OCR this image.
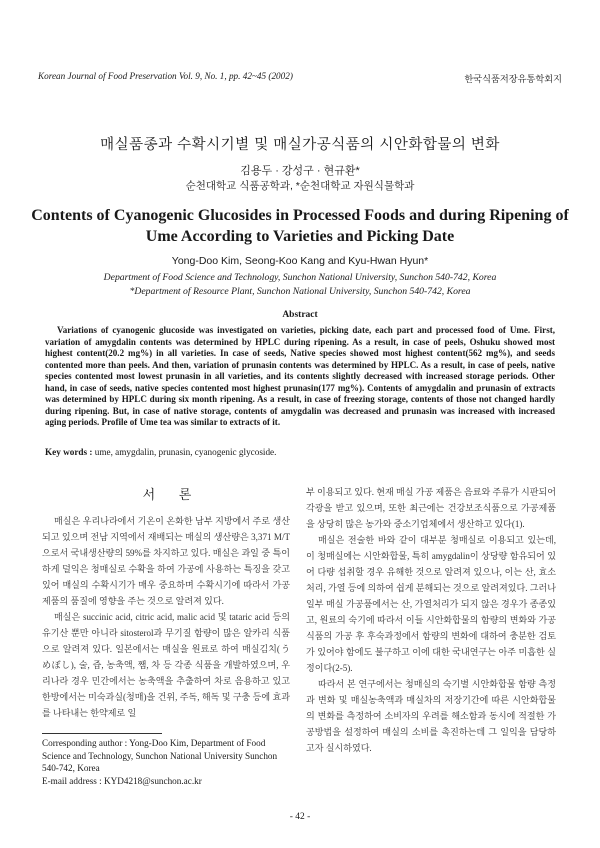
Korean Journal of Food Preservation Vol. 9, No. 1, pp. 42~45 (2002)	한국식품저장유통학회지
매실품종과 수확시기별 및 매실가공식품의 시안화합물의 변화
김용두 · 강성구 · 현규환*
순천대학교 식품공학과, *순천대학교 자원식물학과
Contents of Cyanogenic Glucosides in Processed Foods and during Ripening of Ume According to Varieties and Picking Date
Yong-Doo Kim, Seong-Koo Kang and Kyu-Hwan Hyun*
Department of Food Science and Technology, Sunchon National University, Sunchon 540-742, Korea
*Department of Resource Plant, Sunchon National University, Sunchon 540-742, Korea
Abstract
Variations of cyanogenic glucoside was investigated on varieties, picking date, each part and processed food of Ume. First, variation of amygdalin contents was determined by HPLC during ripening. As a result, in case of peels, Oshuku showed most highest content(20.2 mg%) in all varieties. In case of seeds, Native species showed most highest content(562 mg%), and seeds contented more than peels. And then, variation of prunasin contents was determined by HPLC. As a result, in case of peels, native species contented most lowest prunasin in all varieties, and its contents slightly decreased with increased storage periods. Other hand, in case of seeds, native species contented most highest prunasin(177 mg%). Contents of amygdalin and prunasin of extracts was determined by HPLC during six month ripening. As a result, in case of freezing storage, contents of those not changed hardly during ripening. But, in case of native storage, contents of amygdalin was decreased and prunasin was increased with increased aging periods. Profile of Ume tea was similar to extracts of it.
Key words : ume, amygdalin, prunasin, cyanogenic glycoside.
서 론

매실은 우리나라에서 기온이 온화한 남부 지방에서 주로 생산되고 있으며 전남 지역에서 재배되는 매실의 생산량은 3,371 M/T으로서 국내생산량의 59%를 차지하고 있다. 매실은 과일 중 특이하게 덜익은 청매실로 수확을 하여 가공에 사용하는 특징을 갖고 있어 매실의 수확시기가 매우 중요하며 수확시기에 따라서 가공제품의 품질에 영향을 주는 것으로 알려져 있다.

매실은 succinic acid, citric acid, malic acid 및 tataric acid 등의 유기산 뿐만 아니라 sitosterol과 무기질 함량이 많은 알카리 식품으로 알려져 있다. 일본에서는 매실을 원료로 하여 매실김치(うめぼし), 술, 즙, 농축액, 쨈, 차 등 각종 식품을 개발하였으며, 우리나라 경우 민간에서는 농축액을 추출하여 차로 음용하고 있고 한방에서는 미숙과실(청매)을 건위, 주독, 해독 및 구충 등에 효과를 나타내는 한약제로 일

부 이용되고 있다. 현재 매실 가공 제품은 음료와 주류가 시판되어 각광을 받고 있으며, 또한 최근에는 건강보조식품으로 가공제품을 상당히 많은 농가와 중소기업체에서 생산하고 있다(1).

매실은 전술한 바와 같이 대부분 청매실로 이용되고 있는데, 이 청매실에는 시안화합물, 특히 amygdalin이 상당량 함유되어 있어 다량 섭취할 경우 유해한 것으로 알려져 있으나, 이는 산, 효소처리, 가열 등에 의하여 쉽게 분해되는 것으로 알려져있다. 그러나 일부 매실 가공품에서는 산, 가열처리가 되지 않은 경우가 종종있고, 원료의 숙기에 따라서 이들 시안화합물의 함량의 변화와 가공식품의 가공 후 후숙과정에서 함량의 변화에 대하여 충분한 검토가 있어야 함에도 불구하고 이에 대한 국내연구는 아주 미흡한 실정이다(2-5).

따라서 본 연구에서는 청매실의 숙기별 시안화합물 함량 측정과 변화 및 매실농축액과 매실차의 저장기간에 따른 시안화합물의 변화를 측정하여 소비자의 우려를 해소함과 동시에 적절한 가공방법을 설정하여 매실의 소비를 촉진하는데 그 일익을 담당하고자 실시하였다.

Corresponding author : Yong-Doo Kim, Department of Food
Science and Technology, Sunchon National University Sunchon
540-742, Korea
E-mail address : KYD4218@sunchon.ac.kr
- 42 -
